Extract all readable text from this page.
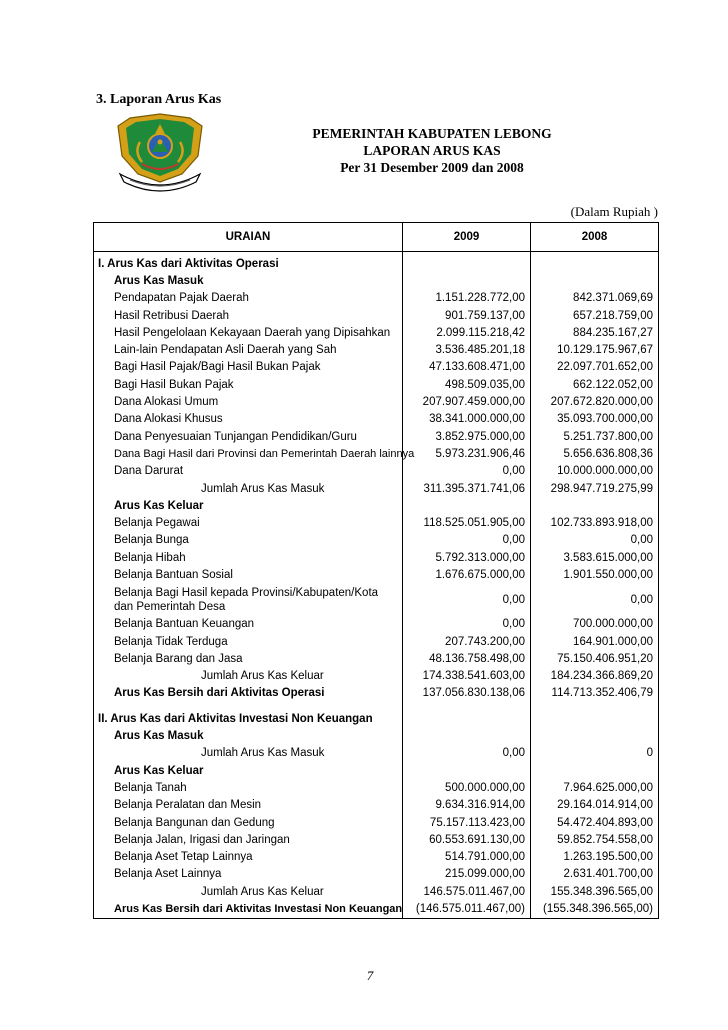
3. Laporan Arus Kas
PEMERINTAH KABUPATEN LEBONG
LAPORAN ARUS KAS
Per 31 Desember 2009 dan 2008
(Dalam Rupiah )
URAIAN	2009	2008
I. Arus Kas dari Aktivitas Operasi		
Arus Kas Masuk		
Pendapatan Pajak Daerah	1.151.228.772,00	842.371.069,69
Hasil Retribusi Daerah	901.759.137,00	657.218.759,00
Hasil Pengelolaan Kekayaan Daerah yang Dipisahkan	2.099.115.218,42	884.235.167,27
Lain-lain Pendapatan Asli Daerah yang Sah	3.536.485.201,18	10.129.175.967,67
Bagi Hasil Pajak/Bagi Hasil Bukan Pajak	47.133.608.471,00	22.097.701.652,00
Bagi Hasil Bukan Pajak	498.509.035,00	662.122.052,00
Dana Alokasi Umum	207.907.459.000,00	207.672.820.000,00
Dana Alokasi Khusus	38.341.000.000,00	35.093.700.000,00
Dana Penyesuaian Tunjangan Pendidikan/Guru	3.852.975.000,00	5.251.737.800,00
Dana Bagi Hasil dari Provinsi dan Pemerintah Daerah lainnya	5.973.231.906,46	5.656.636.808,36
Dana Darurat	0,00	10.000.000.000,00
Jumlah Arus Kas Masuk	311.395.371.741,06	298.947.719.275,99
Arus Kas Keluar		
Belanja Pegawai	118.525.051.905,00	102.733.893.918,00
Belanja Bunga	0,00	0,00
Belanja Hibah	5.792.313.000,00	3.583.615.000,00
Belanja Bantuan Sosial	1.676.675.000,00	1.901.550.000,00
Belanja Bagi Hasil kepada Provinsi/Kabupaten/Kota dan Pemerintah Desa	0,00	0,00
Belanja Bantuan Keuangan	0,00	700.000.000,00
Belanja Tidak Terduga	207.743.200,00	164.901.000,00
Belanja Barang dan Jasa	48.136.758.498,00	75.150.406.951,20
Jumlah Arus Kas Keluar	174.338.541.603,00	184.234.366.869,20
Arus Kas Bersih dari Aktivitas Operasi	137.056.830.138,06	114.713.352.406,79

II. Arus Kas dari Aktivitas Investasi Non Keuangan		
Arus Kas Masuk		
Jumlah Arus Kas Masuk	0,00	0
Arus Kas Keluar		
Belanja Tanah	500.000.000,00	7.964.625.000,00
Belanja Peralatan dan Mesin	9.634.316.914,00	29.164.014.914,00
Belanja Bangunan dan Gedung	75.157.113.423,00	54.472.404.893,00
Belanja Jalan, Irigasi dan Jaringan	60.553.691.130,00	59.852.754.558,00
Belanja Aset Tetap Lainnya	514.791.000,00	1.263.195.500,00
Belanja Aset Lainnya	215.099.000,00	2.631.401.700,00
Jumlah Arus Kas Keluar	146.575.011.467,00	155.348.396.565,00
Arus Kas Bersih dari Aktivitas Investasi Non Keuangan	(146.575.011.467,00)	(155.348.396.565,00)
7
